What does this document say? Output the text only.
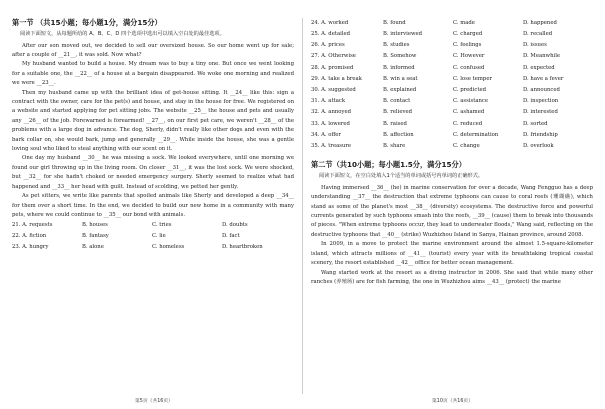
第一节 （共15小题；每小题1分，满分15分）
阅读下面短文，从每题所给的 A、B、C、D 四个选项中选出可以填入空白处的最佳选项。

After our son moved out, we decided to sell our oversized house. So our home went up for sale; after a couple of __21__, it was sold. Now what?

My husband wanted to build a house. My dream was to buy a tiny one. But once we went looking for a suitable one, the __22__ of a house at a bargain disappeared. We woke one morning and realized we were __23__.

Then my husband came up with the brilliant idea of get-house sitting. It __24__ like this: sign a contract with the owner, care for the pet(s) and house, and stay in the house for free. We registered on a website and started applying for pet sitting jobs. The website __25__ the house and pets and usually any __26__ of the job. Forewarned is forearmed! __27__, on our first pet care, we weren't __28__ of the problems with a large dog in advance. The dog, Sherly, didn't really like other dogs and even with the bark collar on, she would bark, jump and generally __29__. While inside the house, she was a gentle loving soul who liked to steal anything with our scent on it.

One day my husband __30__ he was missing a sock. We looked everywhere, until one morning we found our girl throwing up in the living room. On closer __31__, it was the lost sock. We were shocked, but __32__ for she hadn't choked or needed emergency surgery. Sherly seemed to realize what had happened and __33__ her head with guilt. Instead of scolding, we petted her gently.

As pet sitters, we write like parents that spoiled animals like Sherly and developed a deep __34__ for them over a short time. In the end, we decided to build our new home in a community with many pets, where we could continue to __35__ our bond with animals.

21. A. requests	B. houses	C. tries	D. doubts
22. A. fiction	B. fantasy	C. lie	D. fact
23. A. hungry	B. alone	C. homeless	D. heartbroken
24. A. worked	B. found	C. made	D. happened
25. A. detailed	B. interviewed	C. charged	D. recalled
26. A. prices	B. studies	C. feelings	D. issues
27. A. Otherwise	B. Somehow	C. However	D. Meanwhile
28. A. promised	B. informed	C. confused	D. expected
29. A. take a break	B. win a seat	C. lose temper	D. have a fever
30. A. suggested	B. explained	C. predicted	D. announced
31. A. attack	B. contact	C. assistance	D. inspection
32. A. annoyed	B. relieved	C. ashamed	D. interested
33. A. lowered	B. raised	C. reduced	D. sorted
34. A. offer	B. affection	C. determination	D. friendship
35. A. treasure	B. share	C. change	D. overlook
第二节（共10小题；每小题1.5分，满分15分）
阅读下面短文，在空白处填入1个适当的单词或括号内单词的正确形式。

Having immersed __36__ (he) in marine conservation for over a decade, Wang Fengguo has a deep understanding __37__ the destruction that extreme typhoons can cause to coral reefs (珊瑚礁), which stand as some of the planet's most __38__ (diversity) ecosystems. The destructive force and powerful currents generated by such typhoons smash into the reefs, __39__ (cause) them to break into thousands of pieces. "When extreme typhoons occur, they lead to underwater floods," Wang said, reflecting on the destructive typhoons that __40__ (strike) Wuzhizhou Island in Sanya, Hainan province, around 2008.

In 2009, in a move to protect the marine environment around the almost 1.5-square-kilometer island, which attracts millions of __41__ (tourist) every year with its breathtaking tropical coastal scenery, the resort established __42__ office for better ocean management.

Wang started work at the resort as a diving instructor in 2006. She said that while many other ranches (养殖场) are for fish farming, the one in Wuzhizhou aims __43__ (protect) the marine

第5页（共16页）	第10页（共16页）
